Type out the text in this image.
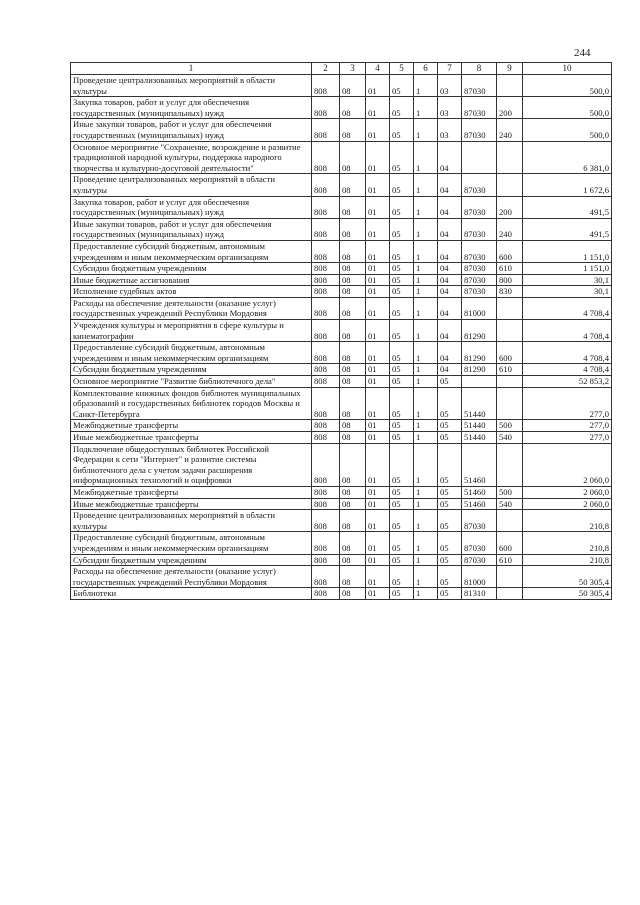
244
1	2	3	4	5	6	7	8	9	10
Проведение централизованных мероприятий в области культуры	808	08	01	05	1	03	87030		500,0
Закупка товаров, работ и услуг для обеспечения государственных (муниципальных) нужд	808	08	01	05	1	03	87030	200	500,0
Иные закупки товаров, работ и услуг для обеспечения государственных (муниципальных) нужд	808	08	01	05	1	03	87030	240	500,0
Основное мероприятие "Сохранение, возрождение и развитие традиционной народной культуры, поддержка народного творчества и культурно-досуговой деятельности"	808	08	01	05	1	04			6 381,0
Проведение централизованных мероприятий в области культуры	808	08	01	05	1	04	87030		1 672,6
Закупка товаров, работ и услуг для обеспечения государственных (муниципальных) нужд	808	08	01	05	1	04	87030	200	491,5
Иные закупки товаров, работ и услуг для обеспечения государственных (муниципальных) нужд	808	08	01	05	1	04	87030	240	491,5
Предоставление субсидий бюджетным, автономным учреждениям и иным некоммерческим организациям	808	08	01	05	1	04	87030	600	1 151,0
Субсидии бюджетным учреждениям	808	08	01	05	1	04	87030	610	1 151,0
Иные бюджетные ассигнования	808	08	01	05	1	04	87030	800	30,1
Исполнение судебных актов	808	08	01	05	1	04	87030	830	30,1
Расходы на обеспечение деятельности (оказание услуг) государственных учреждений Республики Мордовия	808	08	01	05	1	04	81000		4 708,4
Учреждения культуры и мероприятия в сфере культуры и кинематографии	808	08	01	05	1	04	81290		4 708,4
Предоставление субсидий бюджетным, автономным учреждениям и иным некоммерческим организациям	808	08	01	05	1	04	81290	600	4 708,4
Субсидии бюджетным учреждениям	808	08	01	05	1	04	81290	610	4 708,4
Основное мероприятие "Развитие библиотечного дела"	808	08	01	05	1	05			52 853,2
Комплектование книжных фондов библиотек муниципальных образований и государственных библиотек городов Москвы и Санкт-Петербурга	808	08	01	05	1	05	51440		277,0
Межбюджетные трансферты	808	08	01	05	1	05	51440	500	277,0
Иные межбюджетные трансферты	808	08	01	05	1	05	51440	540	277,0
Подключение общедоступных библиотек Российской Федерации к сети "Интернет" и развитие системы библиотечного дела с учетом задачи расширения информационных технологий и оцифровки	808	08	01	05	1	05	51460		2 060,0
Межбюджетные трансферты	808	08	01	05	1	05	51460	500	2 060,0
Иные межбюджетные трансферты	808	08	01	05	1	05	51460	540	2 060,0
Проведение централизованных мероприятий в области культуры	808	08	01	05	1	05	87030		210,8
Предоставление субсидий бюджетным, автономным учреждениям и иным некоммерческим организациям	808	08	01	05	1	05	87030	600	210,8
Субсидии бюджетным учреждениям	808	08	01	05	1	05	87030	610	210,8
Расходы на обеспечение деятельности (оказание услуг) государственных учреждений Республики Мордовия	808	08	01	05	1	05	81000		50 305,4
Библиотеки	808	08	01	05	1	05	81310		50 305,4
